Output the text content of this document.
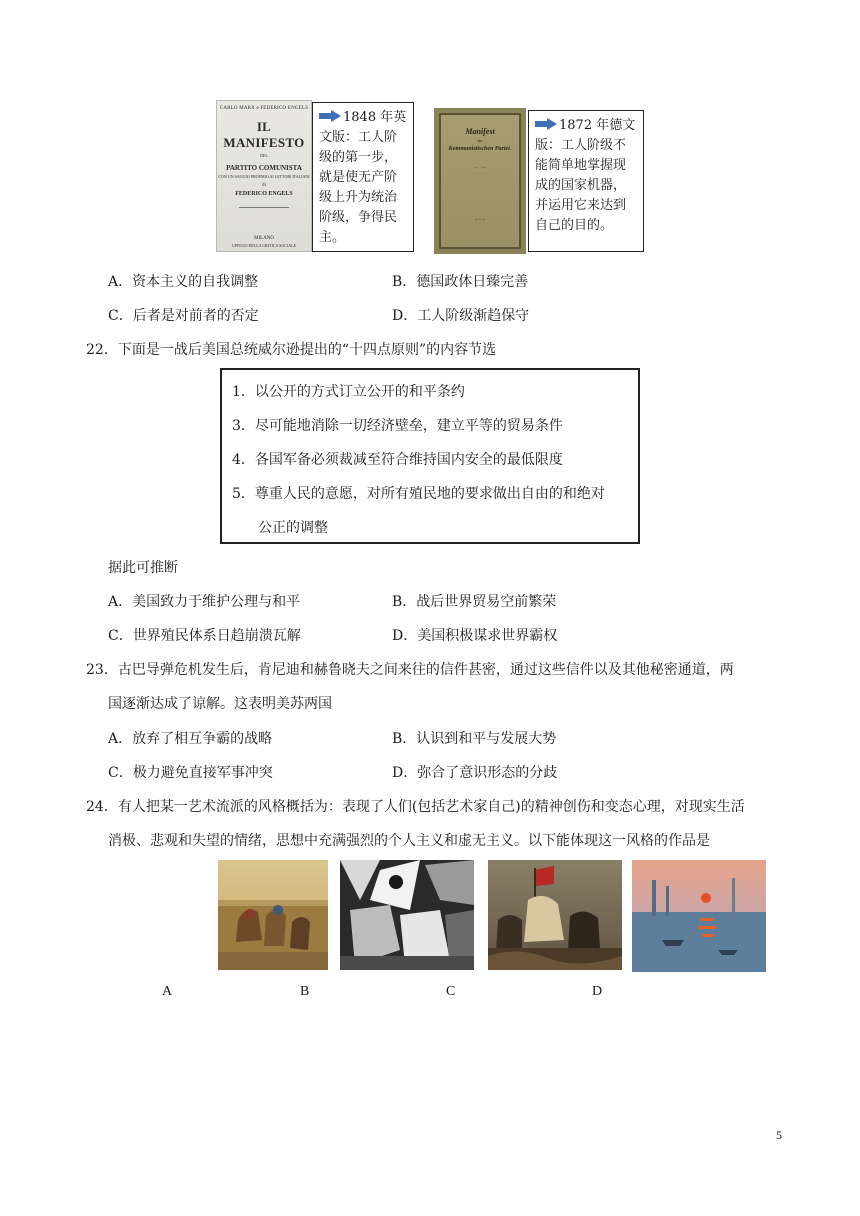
CARLO MARX e FEDERICO ENGELS
IL MANIFESTO
DEL
PARTITO COMUNISTA
CON UN SAGGIO PROEMIO AI LETTORI ITALIANI
di
FEDERICO ENGELS
MILANO
UFFICIO DELLA CRITICA SOCIALE
1848 年英文版：工人阶级的第一步，就是使无产阶级上升为统治阶级，争得民主。
Manifest
der
Kommunistischen Partei.
— · —
· · · · ·
~ ~ ~
1872 年德文版：工人阶级不能简单地掌握现成的国家机器，并运用它来达到自己的目的。
A．资本主义的自我调整	B．德国政体日臻完善
C．后者是对前者的否定	D．工人阶级渐趋保守
22．下面是一战后美国总统威尔逊提出的“十四点原则”的内容节选
1．以公开的方式订立公开的和平条约
3．尽可能地消除一切经济壁垒，建立平等的贸易条件
4．各国军备必须裁减至符合维持国内安全的最低限度
5．尊重人民的意愿，对所有殖民地的要求做出自由的和绝对
公正的调整
据此可推断
A．美国致力于维护公理与和平	B．战后世界贸易空前繁荣
C．世界殖民体系日趋崩溃瓦解	D．美国积极谋求世界霸权
23．古巴导弹危机发生后，肯尼迪和赫鲁晓夫之间来往的信件甚密，通过这些信件以及其他秘密通道，两
国逐渐达成了谅解。这表明美苏两国
A．放弃了相互争霸的战略	B．认识到和平与发展大势
C．极力避免直接军事冲突	D．弥合了意识形态的分歧
24．有人把某一艺术流派的风格概括为：表现了人们(包括艺术家自己)的精神创伤和变态心理，对现实生活
消极、悲观和失望的情绪，思想中充满强烈的个人主义和虚无主义。以下能体现这一风格的作品是
A	B	C	D
5
